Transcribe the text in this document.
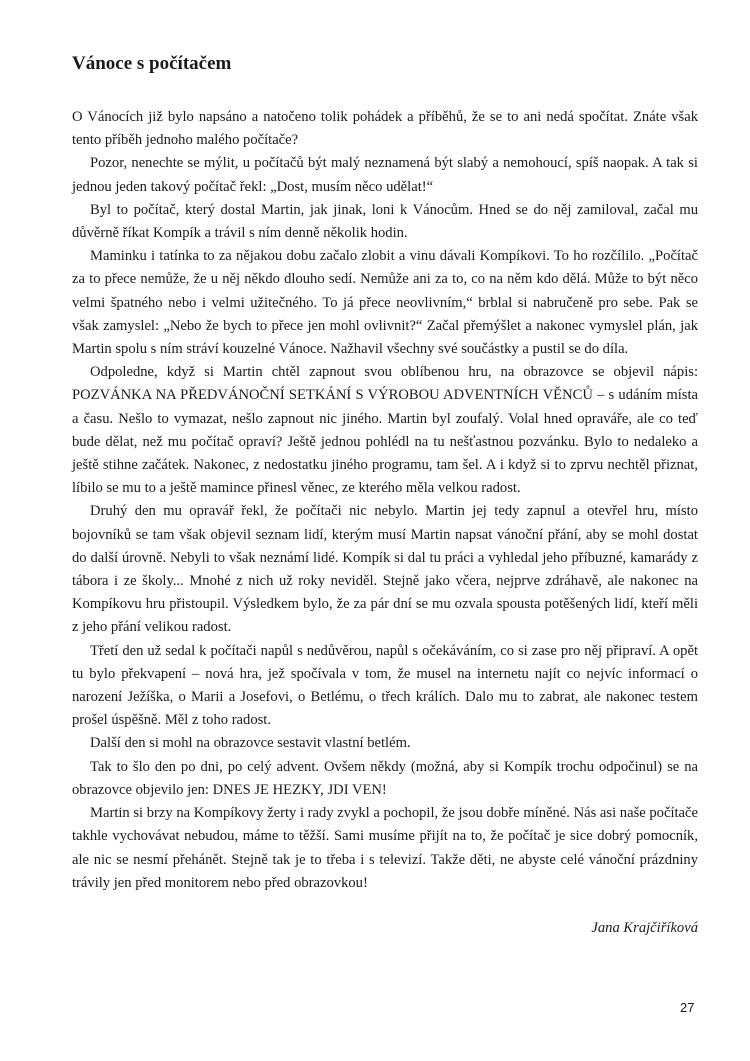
Vánoce s počítačem

O Vánocích již bylo napsáno a natočeno tolik pohádek a příběhů, že se to ani nedá spočítat. Znáte však tento příběh jednoho malého počítače?

Pozor, nenechte se mýlit, u počítačů být malý neznamená být slabý a nemohoucí, spíš naopak. A tak si jednou jeden takový počítač řekl: „Dost, musím něco udělat!“

Byl to počítač, který dostal Martin, jak jinak, loni k Vánocům. Hned se do něj zamiloval, začal mu důvěrně říkat Kompík a trávil s ním denně několik hodin.

Maminku i tatínka to za nějakou dobu začalo zlobit a vinu dávali Kompíkovi. To ho rozčílilo. „Počítač za to přece nemůže, že u něj někdo dlouho sedí. Nemůže ani za to, co na něm kdo dělá. Může to být něco velmi špatného nebo i velmi užitečného. To já přece neovlivním,“ brblal si nabručeně pro sebe. Pak se však zamyslel: „Nebo že bych to přece jen mohl ovlivnit?“ Začal přemýšlet a nakonec vymyslel plán, jak Martin spolu s ním stráví kouzelné Vánoce. Nažhavil všechny své součástky a pustil se do díla.

Odpoledne, když si Martin chtěl zapnout svou oblíbenou hru, na obrazovce se objevil nápis: POZVÁNKA NA PŘEDVÁNOČNÍ SETKÁNÍ S VÝROBOU ADVENTNÍCH VĚNCŮ – s udáním místa a času. Nešlo to vymazat, nešlo zapnout nic jiného. Martin byl zoufalý. Volal hned opraváře, ale co teď bude dělat, než mu počítač opraví? Ještě jednou pohlédl na tu nešťastnou pozvánku. Bylo to nedaleko a ještě stihne začátek. Nakonec, z nedostatku jiného programu, tam šel. A i když si to zprvu nechtěl přiznat, líbilo se mu to a ještě mamince přinesl věnec, ze kterého měla velkou radost.

Druhý den mu opravář řekl, že počítači nic nebylo. Martin jej tedy zapnul a otevřel hru, místo bojovníků se tam však objevil seznam lidí, kterým musí Martin napsat vánoční přání, aby se mohl dostat do další úrovně. Nebyli to však neznámí lidé. Kompík si dal tu práci a vyhledal jeho příbuzné, kamarády z tábora i ze školy... Mnohé z nich už roky neviděl. Stejně jako včera, nejprve zdráhavě, ale nakonec na Kompíkovu hru přistoupil. Výsledkem bylo, že za pár dní se mu ozvala spousta potěšených lidí, kteří měli z jeho přání velikou radost.

Třetí den už sedal k počítači napůl s nedůvěrou, napůl s očekáváním, co si zase pro něj připraví. A opět tu bylo překvapení – nová hra, jež spočívala v tom, že musel na internetu najít co nejvíc informací o narození Ježíška, o Marii a Josefovi, o Betlému, o třech králích. Dalo mu to zabrat, ale nakonec testem prošel úspěšně. Měl z toho radost.

Další den si mohl na obrazovce sestavit vlastní betlém.

Tak to šlo den po dni, po celý advent. Ovšem někdy (možná, aby si Kompík trochu odpočinul) se na obrazovce objevilo jen: DNES JE HEZKY, JDI VEN!

Martin si brzy na Kompíkovy žerty i rady zvykl a pochopil, že jsou dobře míněné. Nás asi naše počítače takhle vychovávat nebudou, máme to těžší. Sami musíme přijít na to, že počítač je sice dobrý pomocník, ale nic se nesmí přehánět. Stejně tak je to třeba i s televizí. Takže děti, ne abyste celé vánoční prázdniny trávily jen před monitorem nebo před obrazovkou!

Jana Krajčiříková
27
